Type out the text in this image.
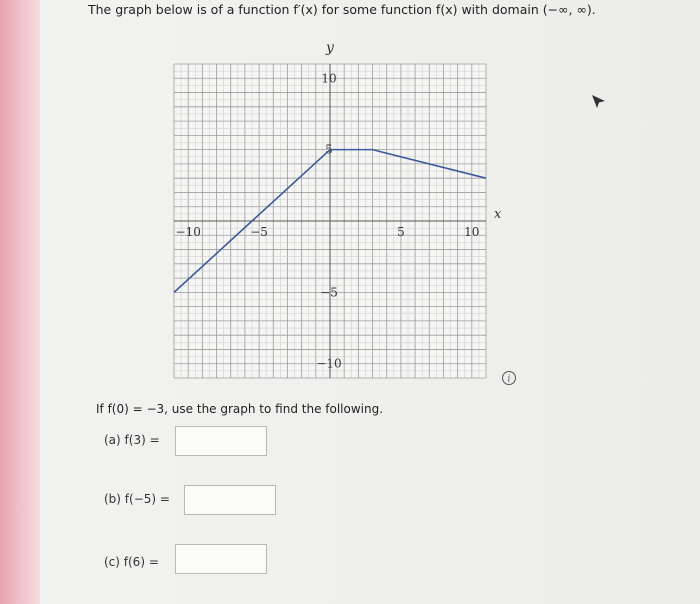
The graph below is of a function f′(x) for some function f(x) with domain (−∞, ∞).
−10	−5	5	10
10
5
−5
−10
x
y
i
If f(0) = −3, use the graph to find the following.
(a) f(3) =
(b) f(−5) =
(c) f(6) =
